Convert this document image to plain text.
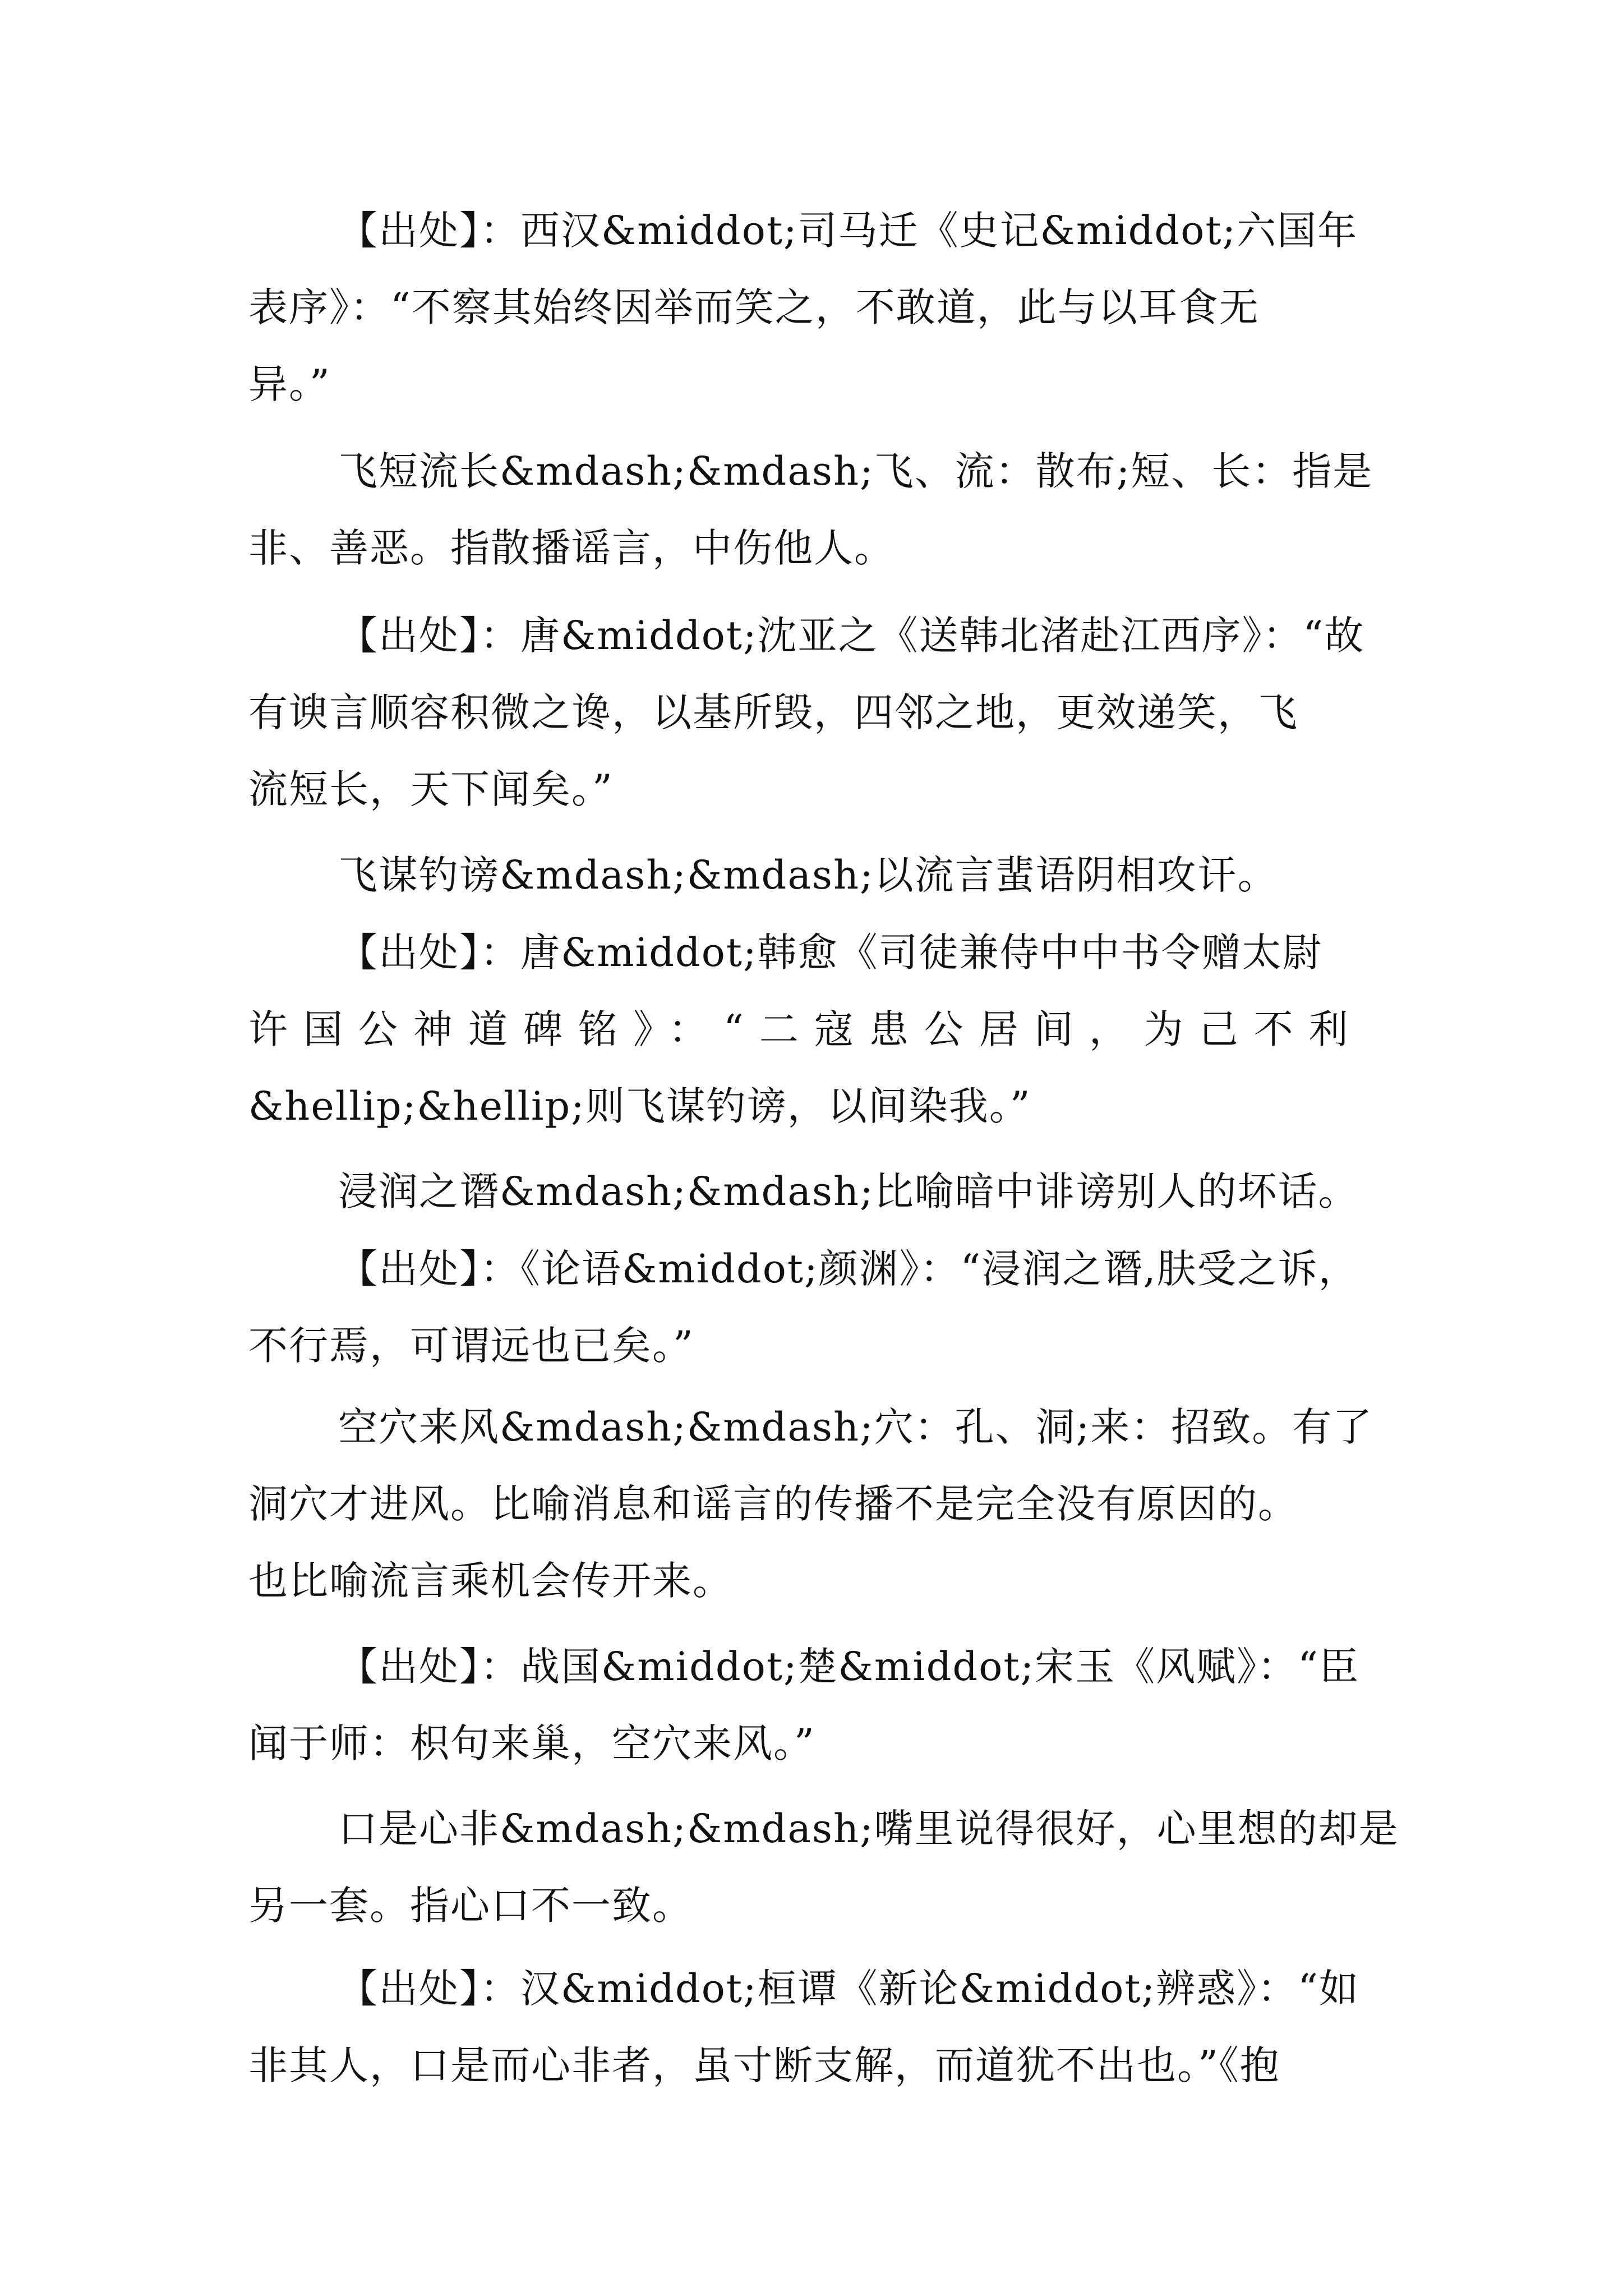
【出处】：西汉&middot;司马迁《史记&middot;六国年
表序》：“不察其始终因举而笑之，不敢道，此与以耳食无
异。”

飞短流长&mdash;&mdash;飞、流：散布;短、长：指是
非、善恶。指散播谣言，中伤他人。

【出处】：唐&middot;沈亚之《送韩北渚赴江西序》：“故
有谀言顺容积微之谗，以基所毁，四邻之地，更效递笑，飞
流短长，天下闻矣。”

飞谋钓谤&mdash;&mdash;以流言蜚语阴相攻讦。

【出处】：唐&middot;韩愈《司徒兼侍中中书令赠太尉
许国公神道碑铭》：“二寇患公居间，为己不利
&hellip;&hellip;则飞谋钓谤，以间染我。”

浸润之谮&mdash;&mdash;比喻暗中诽谤别人的坏话。

【出处】：《论语&middot;颜渊》：“浸润之谮,肤受之诉，
不行焉，可谓远也已矣。”

空穴来风&mdash;&mdash;穴：孔、洞;来：招致。有了
洞穴才进风。比喻消息和谣言的传播不是完全没有原因的。
也比喻流言乘机会传开来。

【出处】：战国&middot;楚&middot;宋玉《风赋》：“臣
闻于师：枳句来巢，空穴来风。”

口是心非&mdash;&mdash;嘴里说得很好，心里想的却是
另一套。指心口不一致。

【出处】：汉&middot;桓谭《新论&middot;辨惑》：“如
非其人，口是而心非者，虽寸断支解，而道犹不出也。”《抱
